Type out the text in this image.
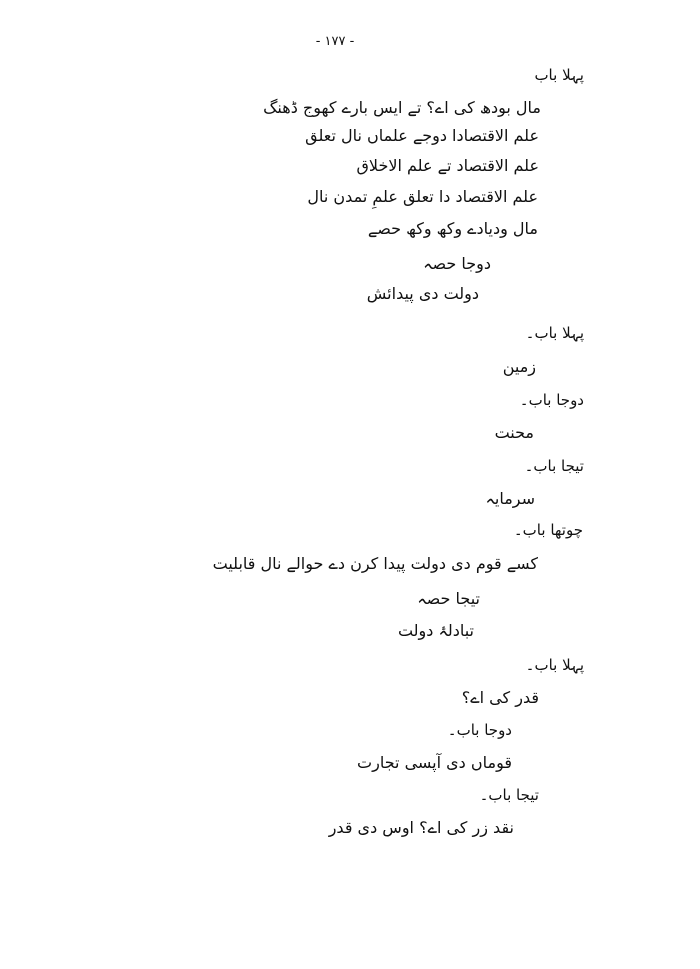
- ۱۷۷ -
پہلا باب
مال بودھ کی اے؟ تے ایس بارے کھوج ڈھنگ
علم الاقتصادا دوجے علماں نال تعلق
علم الاقتصاد تے علم الاخلاق
علم الاقتصاد دا تعلق علمِ تمدن نال
مال ودیادے وکھ وکھ حصے
دوجا حصہ
دولت دی پیدائش
پہلا باب۔
زمین
دوجا باب۔
محنت
تیجا باب۔
سرمایہ
چوتھا باب۔
کسے قوم دی دولت پیدا کرن دے حوالے نال قابلیت
تیجا حصہ
تبادلۂ دولت
پہلا باب۔
قدر کی اے؟
دوجا باب۔
قوماں دی آپسی تجارت
تیجا باب۔
نقد زر کی اے؟ اوس دی قدر
